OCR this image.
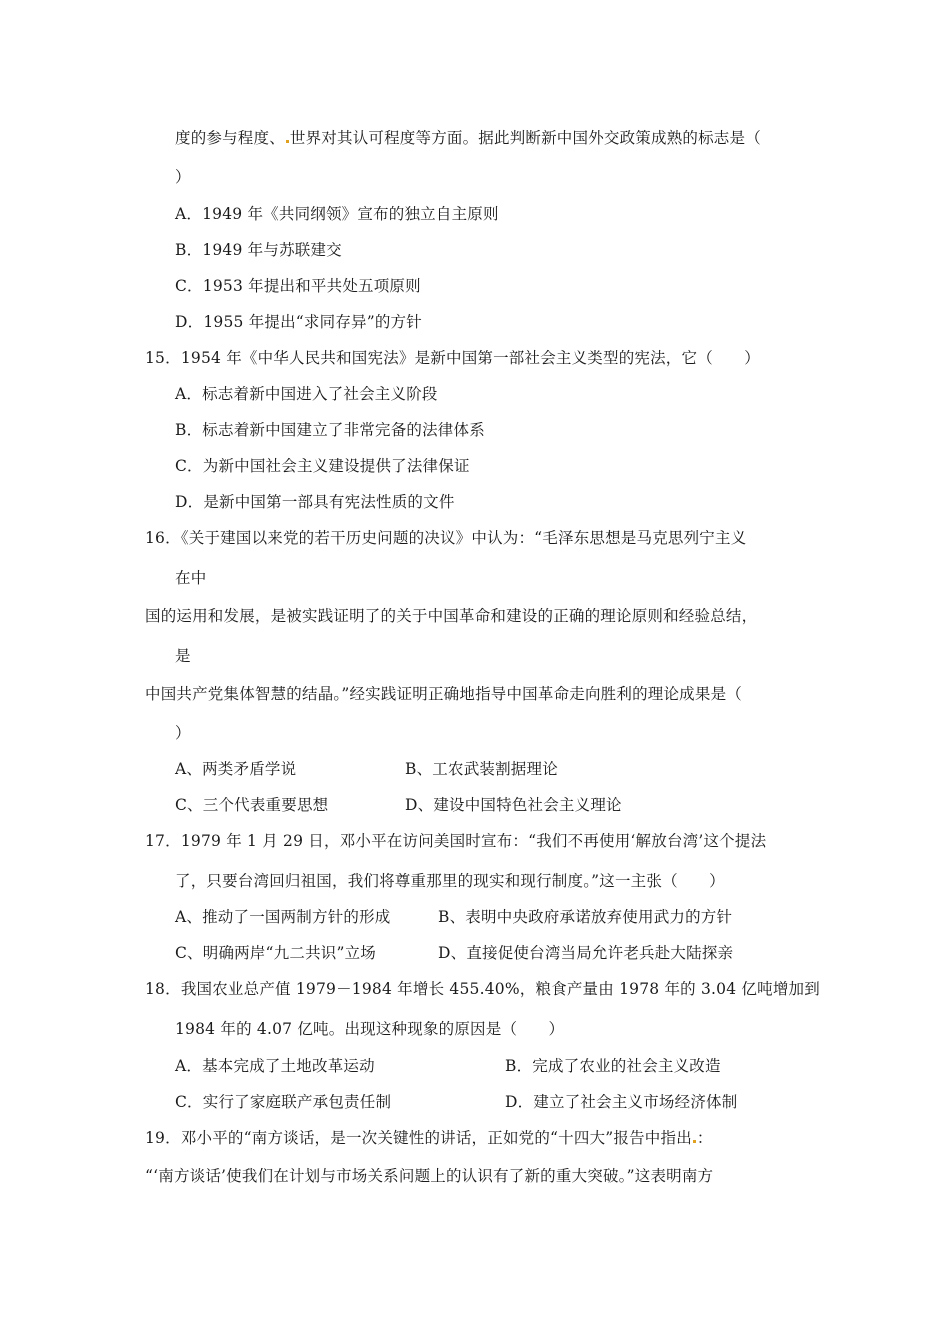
度的参与程度、 世界对其认可程度等方面。据此判断新中国外交政策成熟的标志是（
）
A．1949 年《共同纲领》宣布的独立自主原则
B．1949 年与苏联建交
C．1953 年提出和平共处五项原则
D．1955 年提出“求同存异”的方针
15．1954 年《中华人民共和国宪法》是新中国第一部社会主义类型的宪法，它（　　）
A．标志着新中国进入了社会主义阶段
B．标志着新中国建立了非常完备的法律体系
C．为新中国社会主义建设提供了法律保证
D．是新中国第一部具有宪法性质的文件
16．《关于建国以来党的若干历史问题的决议》中认为：“毛泽东思想是马克思列宁主义
在中
国的运用和发展，是被实践证明了的关于中国革命和建设的正确的理论原则和经验总结，
是
中国共产党集体智慧的结晶。”经实践证明正确地指导中国革命走向胜利的理论成果是（
）
A、两类矛盾学说	B、工农武装割据理论
C、三个代表重要思想	D、建设中国特色社会主义理论
17．1979 年 1 月 29 日，邓小平在访问美国时宣布：“我们不再使用‘解放台湾’这个提法
了，只要台湾回归祖国，我们将尊重那里的现实和现行制度。”这一主张（　　）
A、推动了一国两制方针的形成	B、表明中央政府承诺放弃使用武力的方针
C、明确两岸“九二共识”立场	D、直接促使台湾当局允许老兵赴大陆探亲
18．我国农业总产值 1979－1984 年增长 455.40%，粮食产量由 1978 年的 3.04 亿吨增加到
1984 年的 4.07 亿吨。出现这种现象的原因是（　　）
A．基本完成了土地改革运动	B．完成了农业的社会主义改造
C．实行了家庭联产承包责任制	D．建立了社会主义市场经济体制
19．邓小平的“南方谈话，是一次关键性的讲话，正如党的“十四大”报告中指出 ：
“‘南方谈话’使我们在计划与市场关系问题上的认识有了新的重大突破。”这表明南方
